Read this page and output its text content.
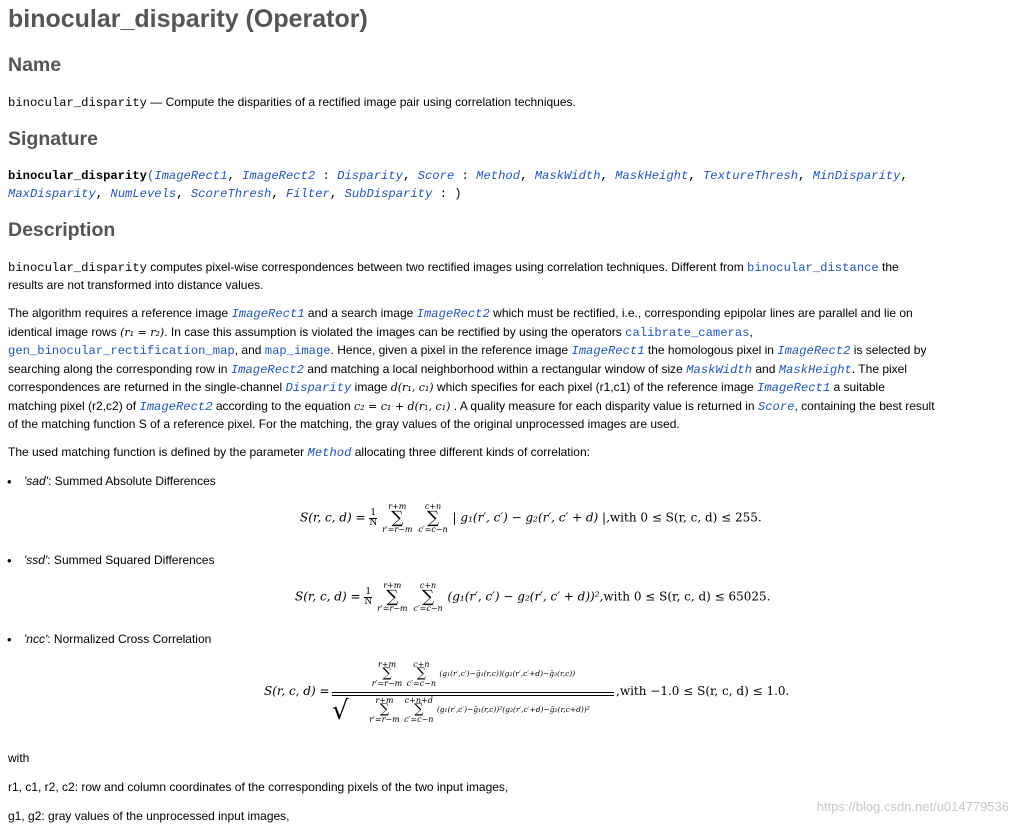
binocular_disparity (Operator)
Name

binocular_disparity — Compute the disparities of a rectified image pair using correlation techniques.

Signature

binocular_disparity(ImageRect1, ImageRect2 : Disparity, Score : Method, MaskWidth, MaskHeight, TextureThresh, MinDisparity,
MaxDisparity, NumLevels, ScoreThresh, Filter, SubDisparity : )

Description

binocular_disparity computes pixel-wise correspondences between two rectified images using correlation techniques. Different from binocular_distance the
results are not transformed into distance values.

The algorithm requires a reference image ImageRect1 and a search image ImageRect2 which must be rectified, i.e., corresponding epipolar lines are parallel and lie on
identical image rows (r₁ = r₂). In case this assumption is violated the images can be rectified by using the operators calibrate_cameras,
gen_binocular_rectification_map, and map_image. Hence, given a pixel in the reference image ImageRect1 the homologous pixel in ImageRect2 is selected by
searching along the corresponding row in ImageRect2 and matching a local neighborhood within a rectangular window of size MaskWidth and MaskHeight. The pixel
correspondences are returned in the single-channel Disparity image d(r₁, c₁) which specifies for each pixel (r1,c1) of the reference image ImageRect1 a suitable
matching pixel (r2,c2) of ImageRect2 according to the equation c₂ = c₁ + d(r₁, c₁) . A quality measure for each disparity value is returned in Score, containing the best result
of the matching function S of a reference pixel. For the matching, the gray values of the original unprocessed images are used.

The used matching function is defined by the parameter Method allocating three different kinds of correlation:

'sad': Summed Absolute Differences
S(r, c, $d) = \frac{1}{N}$

r+m
∑
r′=r−m

c+n
∑
c′=c−n
| g₁(r′, c′) − g₂(r′, c′ + d) |,with 0 ≤ S(r, c, d) ≤ 255.
'ssd': Summed Squared Differences
S(r, c, $d) = \frac{1}{N}$

r+m
∑
r′=r−m

c+n
∑
c′=c−n
(g₁(r′, c′) − g₂(r′, c′ + d))²,with 0 ≤ S(r, c, d) ≤ 65025.
'ncc': Normalized Cross Correlation
S(r, c, d) =
r+m
∑
r′=r−m

c+n
∑
c′=c−n
(g₁(r′,c′)−ḡ₁(r,c))(g₂(r′,c′+d)−ḡ₂(r,c))
√	r+m
∑
r′=r−m

c+n+d
∑
c′=c−n
(g₁(r′,c′)−ḡ₁(r,c))²(g₂(r′,c′+d)−ḡ₂(r,c+d))²
,with −1.0 ≤ S(r, c, d) ≤ 1.0.

with

r1, c1, r2, c2: row and column coordinates of the corresponding pixels of the two input images,

g1, g2: gray values of the unprocessed input images,

https://blog.csdn.net/u014779536
